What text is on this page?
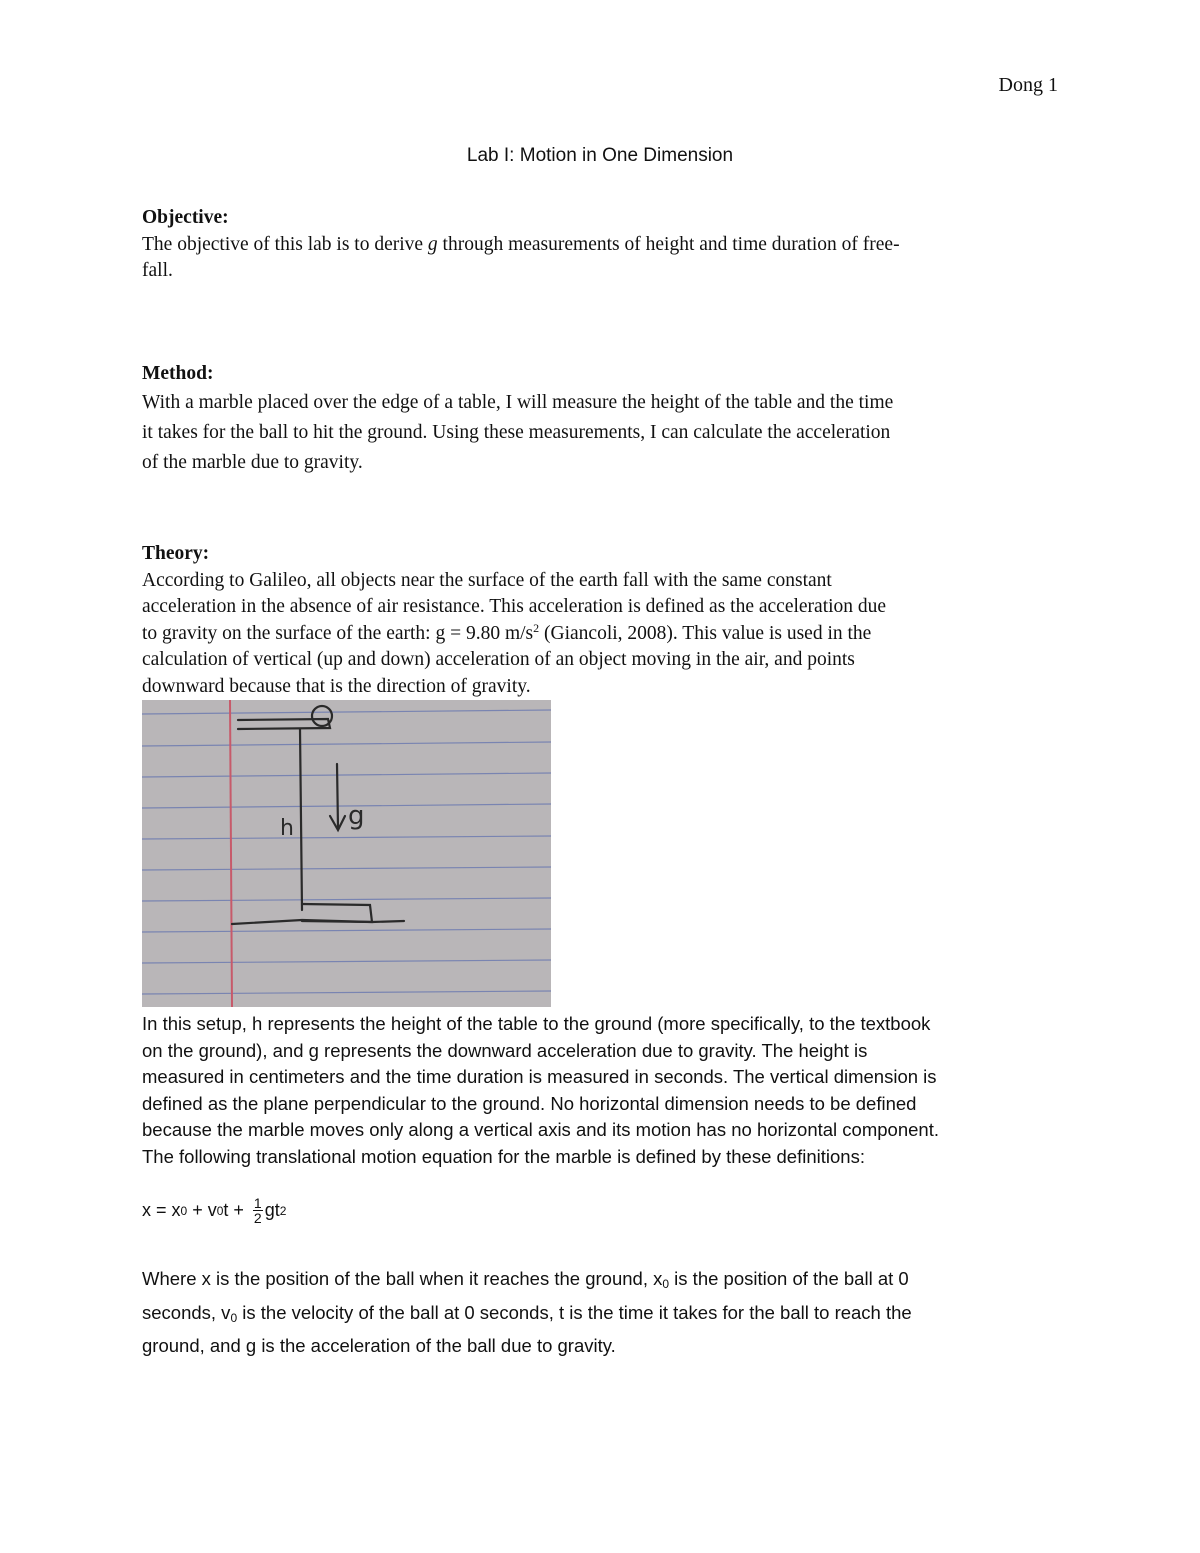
Dong 1
Lab I: Motion in One Dimension
Objective:
The objective of this lab is to derive g through measurements of height and time duration of free-
fall.
Method:
With a marble placed over the edge of a table, I will measure the height of the table and the time
it takes for the ball to hit the ground. Using these measurements, I can calculate the acceleration
of the marble due to gravity.
Theory:
According to Galileo, all objects near the surface of the earth fall with the same constant
acceleration in the absence of air resistance. This acceleration is defined as the acceleration due
to gravity on the surface of the earth: g = 9.80 $m/s^2$ (Giancoli, 2008). This value is used in the
calculation of vertical (up and down) acceleration of an object moving in the air, and points
downward because that is the direction of gravity.
h g
In this setup, h represents the height of the table to the ground (more specifically, to the textbook
on the ground), and g represents the downward acceleration due to gravity. The height is
measured in centimeters and the time duration is measured in seconds. The vertical dimension is
defined as the plane perpendicular to the ground. No horizontal dimension needs to be defined
because the marble moves only along a vertical axis and its motion has no horizontal component.
The following translational motion equation for the marble is defined by these definitions:
x = x 0 + v 0 $t + \frac{1}{2}$ gt 2
Where x is the position of the ball when it reaches the ground, $x_0$ is the position of the ball at 0
seconds, $v_0$ is the velocity of the ball at 0 seconds, t is the time it takes for the ball to reach the
ground, and g is the acceleration of the ball due to gravity.
